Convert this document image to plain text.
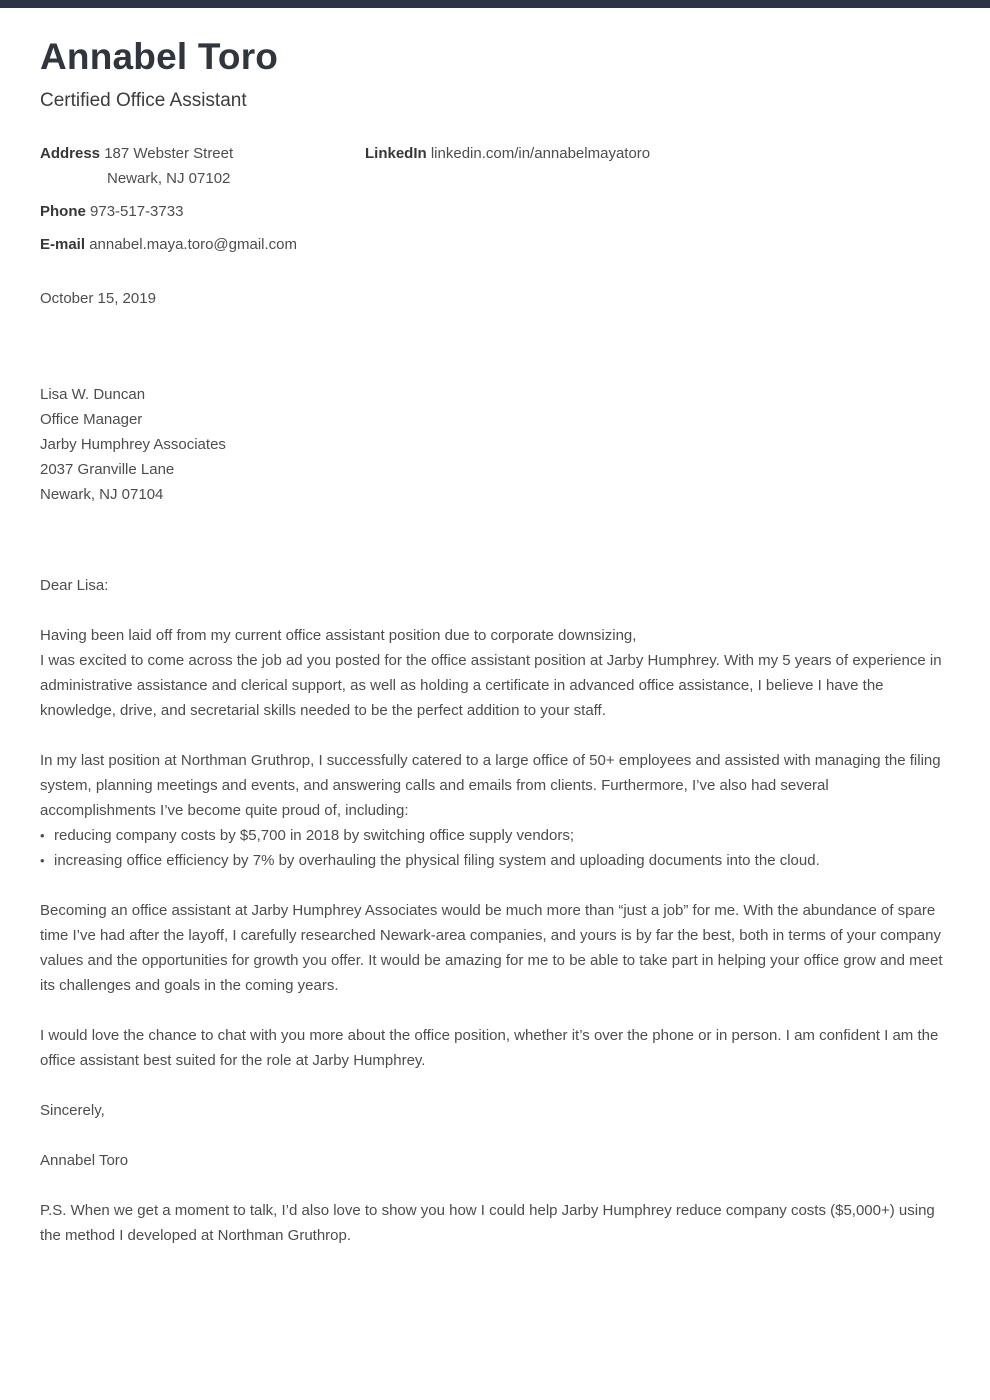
Annabel Toro
Certified Office Assistant
Address 187 Webster Street
Newark, NJ 07102
Phone 973-517-3733
E-mail annabel.maya.toro@gmail.com
LinkedIn linkedin.com/in/annabelmayatoro
October 15, 2019
Lisa W. Duncan
Office Manager
Jarby Humphrey Associates
2037 Granville Lane
Newark, NJ 07104
Dear Lisa:

Having been laid off from my current office assistant position due to corporate downsizing,
I was excited to come across the job ad you posted for the office assistant position at Jarby Humphrey. With my 5 years of experience in administrative assistance and clerical support, as well as holding a certificate in advanced office assistance, I believe I have the knowledge, drive, and secretarial skills needed to be the perfect addition to your staff.

In my last position at Northman Gruthrop, I successfully catered to a large office of 50+ employees and assisted with managing the filing system, planning meetings and events, and answering calls and emails from clients. Furthermore, I’ve also had several accomplishments I’ve become quite proud of, including:

• reducing company costs by $5,700 in 2018 by switching office supply vendors;
• increasing office efficiency by 7% by overhauling the physical filing system and uploading documents into the cloud.

Becoming an office assistant at Jarby Humphrey Associates would be much more than “just a job” for me. With the abundance of spare time I’ve had after the layoff, I carefully researched Newark-area companies, and yours is by far the best, both in terms of your company values and the opportunities for growth you offer. It would be amazing for me to be able to take part in helping your office grow and meet its challenges and goals in the coming years.

I would love the chance to chat with you more about the office position, whether it’s over the phone or in person. I am confident I am the office assistant best suited for the role at Jarby Humphrey.

Sincerely,

Annabel Toro

P.S. When we get a moment to talk, I’d also love to show you how I could help Jarby Humphrey reduce company costs ($5,000+) using the method I developed at Northman Gruthrop.
